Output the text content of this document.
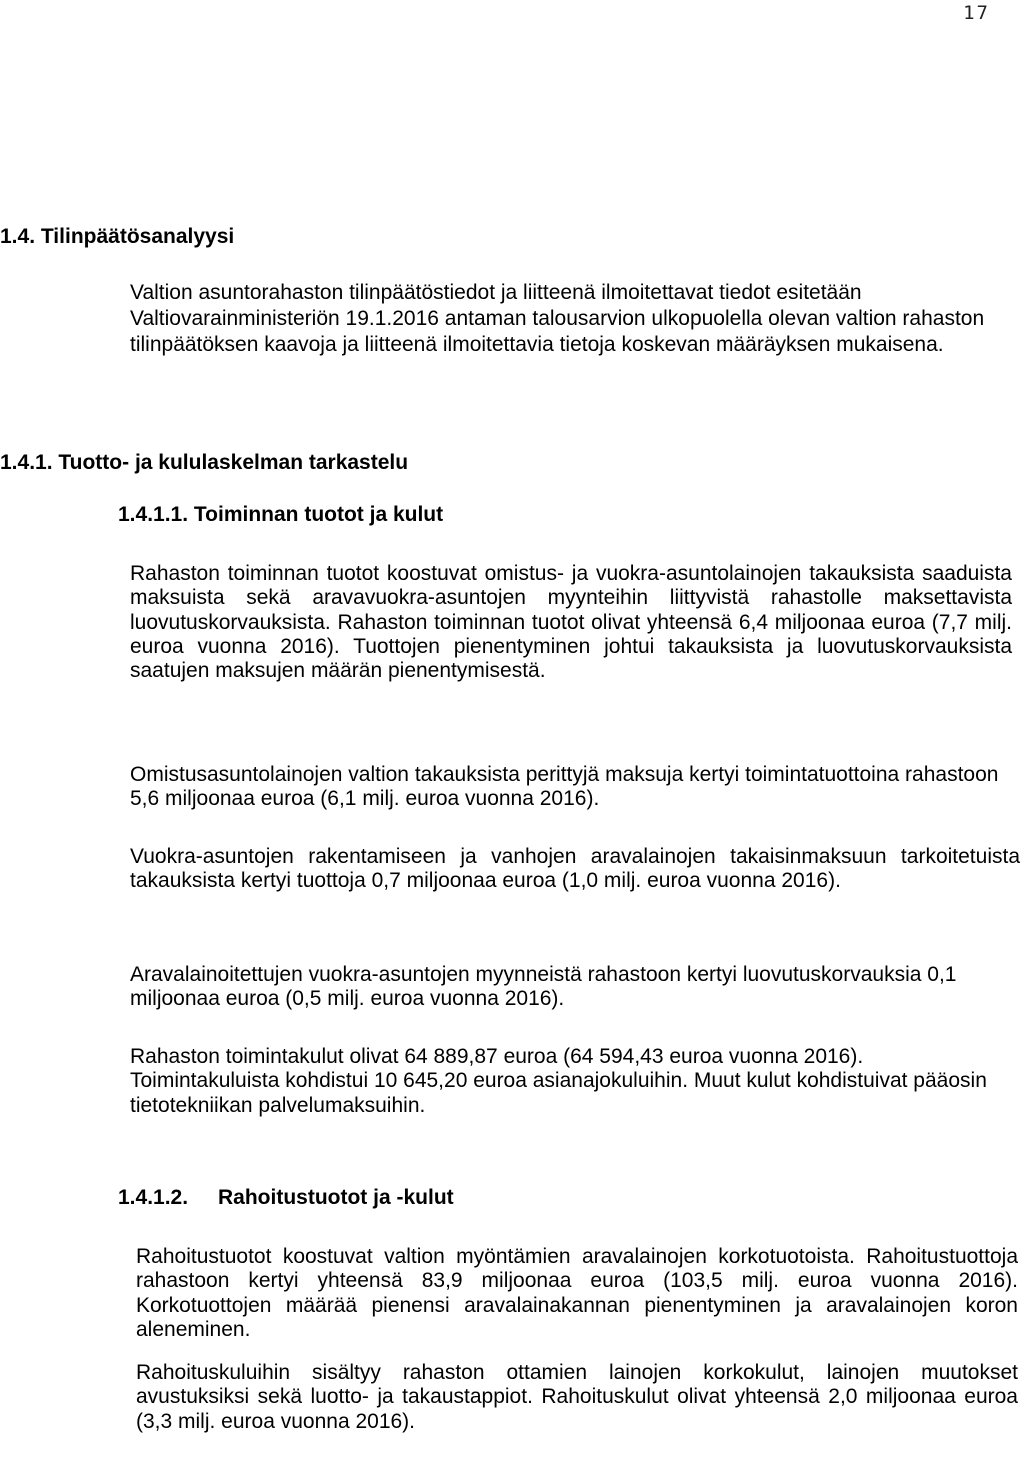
17
1.4. Tilinpäätösanalyysi

Valtion asuntorahaston tilinpäätöstiedot ja liitteenä ilmoitettavat tiedot esitetään Valtiovarainministeriön 19.1.2016 antaman talousarvion ulkopuolella olevan valtion rahaston tilinpäätöksen kaavoja ja liitteenä ilmoitettavia tietoja koskevan määräyksen mukaisena.

1.4.1. Tuotto- ja kululaskelman tarkastelu
1.4.1.1. Toiminnan tuotot ja kulut

Rahaston toiminnan tuotot koostuvat omistus- ja vuokra-asuntolainojen takauksista saaduista maksuista sekä aravavuokra-asuntojen myynteihin liittyvistä rahastolle maksettavista luovutuskorvauksista. Rahaston toiminnan tuotot olivat yhteensä 6,4 miljoonaa euroa (7,7 milj. euroa vuonna 2016). Tuottojen pienentyminen johtui takauksista ja luovutuskorvauksista saatujen maksujen määrän pienentymisestä.

Omistusasuntolainojen valtion takauksista perittyjä maksuja kertyi toimintatuottoina rahastoon 5,6 miljoonaa euroa (6,1 milj. euroa vuonna 2016).

Vuokra-asuntojen rakentamiseen ja vanhojen aravalainojen takaisinmaksuun tarkoitetuista takauksista kertyi tuottoja 0,7 miljoonaa euroa (1,0 milj. euroa vuonna 2016).

Aravalainoitettujen vuokra-asuntojen myynneistä rahastoon kertyi luovutuskorvauksia 0,1 miljoonaa euroa (0,5 milj. euroa vuonna 2016).

Rahaston toimintakulut olivat 64 889,87 euroa (64 594,43 euroa vuonna 2016). Toimintakuluista kohdistui 10 645,20 euroa asianajokuluihin. Muut kulut kohdistuivat pääosin tietotekniikan palvelumaksuihin.

1.4.1.2. Rahoitustuotot ja -kulut

Rahoitustuotot koostuvat valtion myöntämien aravalainojen korkotuotoista. Rahoitustuottoja rahastoon kertyi yhteensä 83,9 miljoonaa euroa (103,5 milj. euroa vuonna 2016). Korkotuottojen määrää pienensi aravalainakannan pienentyminen ja aravalainojen koron aleneminen.

Rahoituskuluihin sisältyy rahaston ottamien lainojen korkokulut, lainojen muutokset avustuksiksi sekä luotto- ja takaustappiot. Rahoituskulut olivat yhteensä 2,0 miljoonaa euroa (3,3 milj. euroa vuonna 2016).
